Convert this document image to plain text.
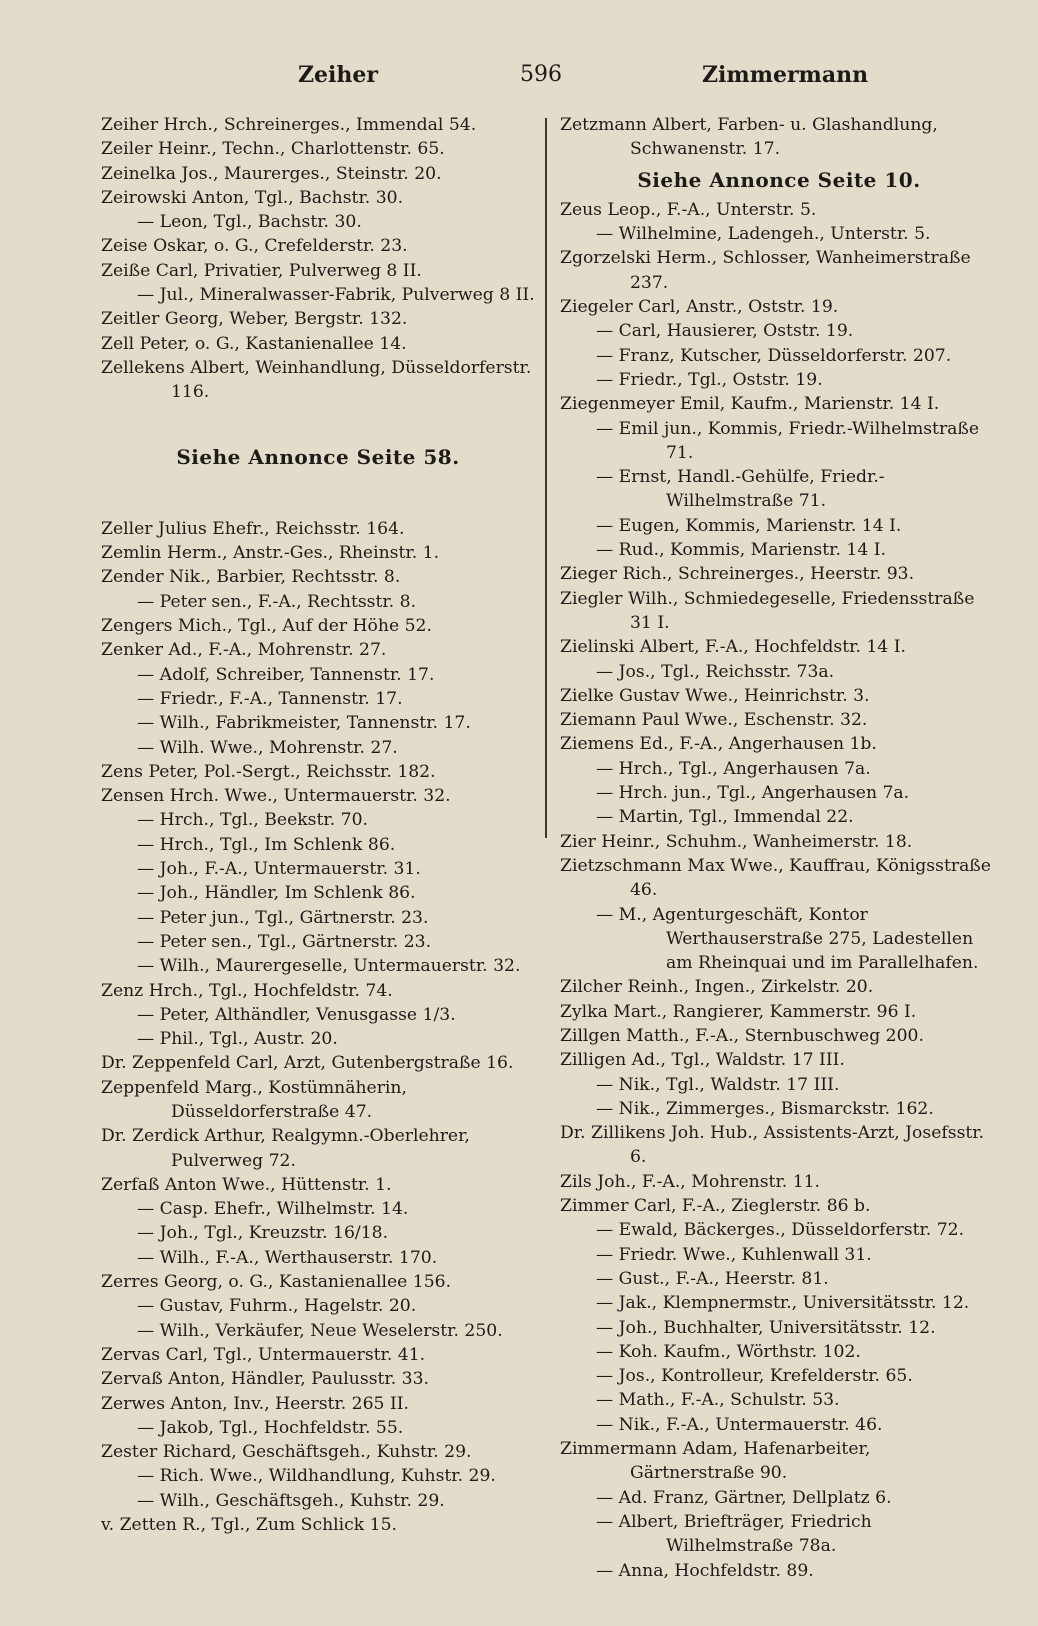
Zeiher	596	Zimmermann

Zeiher Hrch., Schreinerges., Immendal 54.

Zeiler Heinr., Techn., Charlottenstr. 65.

Zeinelka Jos., Maurerges., Steinstr. 20.

Zeirowski Anton, Tgl., Bachstr. 30.

— Leon, Tgl., Bachstr. 30.

Zeise Oskar, o. G., Crefelderstr. 23.

Zeiße Carl, Privatier, Pulverweg 8 II.

— Jul., Mineralwasser-Fabrik, Pulverweg 8 II.

Zeitler Georg, Weber, Bergstr. 132.

Zell Peter, o. G., Kastanienallee 14.

Zellekens Albert, Weinhandlung, Düsseldorferstr. 116.

Siehe Annonce Seite 58.

Zeller Julius Ehefr., Reichsstr. 164.

Zemlin Herm., Anstr.-Ges., Rheinstr. 1.

Zender Nik., Barbier, Rechtsstr. 8.

— Peter sen., F.-A., Rechtsstr. 8.

Zengers Mich., Tgl., Auf der Höhe 52.

Zenker Ad., F.-A., Mohrenstr. 27.

— Adolf, Schreiber, Tannenstr. 17.

— Friedr., F.-A., Tannenstr. 17.

— Wilh., Fabrikmeister, Tannenstr. 17.

— Wilh. Wwe., Mohrenstr. 27.

Zens Peter, Pol.-Sergt., Reichsstr. 182.

Zensen Hrch. Wwe., Untermauerstr. 32.

— Hrch., Tgl., Beekstr. 70.

— Hrch., Tgl., Im Schlenk 86.

— Joh., F.-A., Untermauerstr. 31.

— Joh., Händler, Im Schlenk 86.

— Peter jun., Tgl., Gärtnerstr. 23.

— Peter sen., Tgl., Gärtnerstr. 23.

— Wilh., Maurergeselle, Untermauerstr. 32.

Zenz Hrch., Tgl., Hochfeldstr. 74.

— Peter, Althändler, Venusgasse 1/3.

— Phil., Tgl., Austr. 20.

Dr. Zeppenfeld Carl, Arzt, Gutenbergstraße 16.

Zeppenfeld Marg., Kostümnäherin, Düsseldorferstraße 47.

Dr. Zerdick Arthur, Realgymn.-Oberlehrer, Pulverweg 72.

Zerfaß Anton Wwe., Hüttenstr. 1.

— Casp. Ehefr., Wilhelmstr. 14.

— Joh., Tgl., Kreuzstr. 16/18.

— Wilh., F.-A., Werthauserstr. 170.

Zerres Georg, o. G., Kastanienallee 156.

— Gustav, Fuhrm., Hagelstr. 20.

— Wilh., Verkäufer, Neue Weselerstr. 250.

Zervas Carl, Tgl., Untermauerstr. 41.

Zervaß Anton, Händler, Paulusstr. 33.

Zerwes Anton, Inv., Heerstr. 265 II.

— Jakob, Tgl., Hochfeldstr. 55.

Zester Richard, Geschäftsgeh., Kuhstr. 29.

— Rich. Wwe., Wildhandlung, Kuhstr. 29.

— Wilh., Geschäftsgeh., Kuhstr. 29.

v. Zetten R., Tgl., Zum Schlick 15.

Zetzmann Albert, Farben- u. Glashandlung, Schwanenstr. 17.

Siehe Annonce Seite 10.

Zeus Leop., F.-A., Unterstr. 5.

— Wilhelmine, Ladengeh., Unterstr. 5.

Zgorzelski Herm., Schlosser, Wanheimerstraße 237.

Ziegeler Carl, Anstr., Oststr. 19.

— Carl, Hausierer, Oststr. 19.

— Franz, Kutscher, Düsseldorferstr. 207.

— Friedr., Tgl., Oststr. 19.

Ziegenmeyer Emil, Kaufm., Marienstr. 14 I.

— Emil jun., Kommis, Friedr.-Wilhelmstraße 71.

— Ernst, Handl.-Gehülfe, Friedr.-Wilhelmstraße 71.

— Eugen, Kommis, Marienstr. 14 I.

— Rud., Kommis, Marienstr. 14 I.

Zieger Rich., Schreinerges., Heerstr. 93.

Ziegler Wilh., Schmiedegeselle, Friedensstraße 31 I.

Zielinski Albert, F.-A., Hochfeldstr. 14 I.

— Jos., Tgl., Reichsstr. 73a.

Zielke Gustav Wwe., Heinrichstr. 3.

Ziemann Paul Wwe., Eschenstr. 32.

Ziemens Ed., F.-A., Angerhausen 1b.

— Hrch., Tgl., Angerhausen 7a.

— Hrch. jun., Tgl., Angerhausen 7a.

— Martin, Tgl., Immendal 22.

Zier Heinr., Schuhm., Wanheimerstr. 18.

Zietzschmann Max Wwe., Kauffrau, Königsstraße 46.

— M., Agenturgeschäft, Kontor Werthauserstraße 275, Ladestellen am Rheinquai und im Parallelhafen.

Zilcher Reinh., Ingen., Zirkelstr. 20.

Zylka Mart., Rangierer, Kammerstr. 96 I.

Zillgen Matth., F.-A., Sternbuschweg 200.

Zilligen Ad., Tgl., Waldstr. 17 III.

— Nik., Tgl., Waldstr. 17 III.

— Nik., Zimmerges., Bismarckstr. 162.

Dr. Zillikens Joh. Hub., Assistents-Arzt, Josefsstr. 6.

Zils Joh., F.-A., Mohrenstr. 11.

Zimmer Carl, F.-A., Zieglerstr. 86 b.

— Ewald, Bäckerges., Düsseldorferstr. 72.

— Friedr. Wwe., Kuhlenwall 31.

— Gust., F.-A., Heerstr. 81.

— Jak., Klempnermstr., Universitätsstr. 12.

— Joh., Buchhalter, Universitätsstr. 12.

— Koh. Kaufm., Wörthstr. 102.

— Jos., Kontrolleur, Krefelderstr. 65.

— Math., F.-A., Schulstr. 53.

— Nik., F.-A., Untermauerstr. 46.

Zimmermann Adam, Hafenarbeiter, Gärtnerstraße 90.

— Ad. Franz, Gärtner, Dellplatz 6.

— Albert, Briefträger, Friedrich Wilhelmstraße 78a.

— Anna, Hochfeldstr. 89.
